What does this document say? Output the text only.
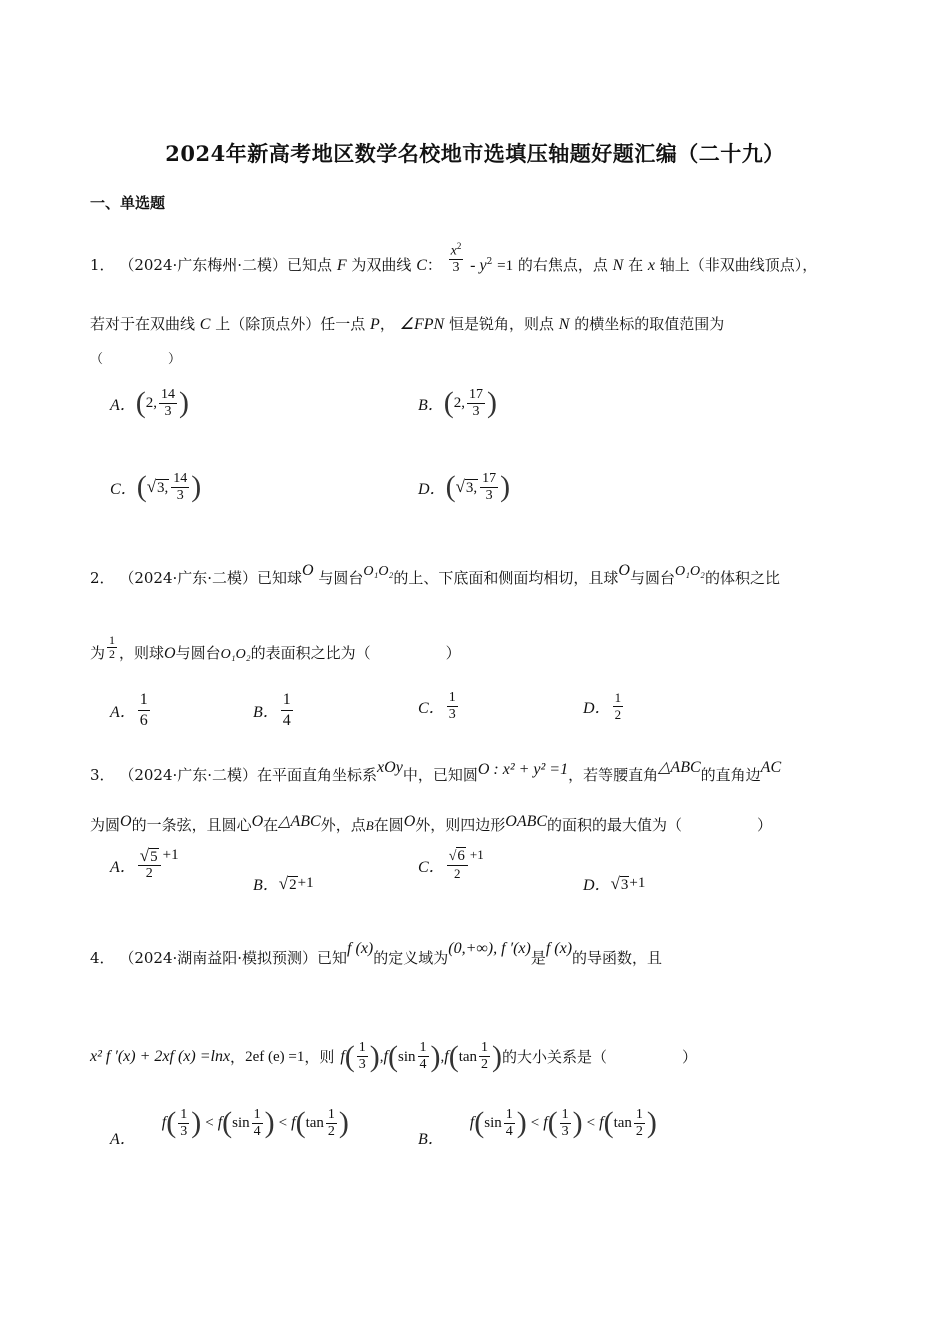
2024年新高考地区数学名校地市选填压轴题好题汇编（二十九）
一、单选题
1． （2024·广东梅州·二模）已知点 F 为双曲线 C： $\frac{x^2}{3} - y^2 =1$ 的右焦点，点 N 在 x 轴上（非双曲线顶点），
若对于在双曲线 C 上（除顶点外）任一点 P， ∠FPN 恒是锐角，则点 N 的横坐标的取值范围为
（　　　　　）
A． ( 2, $\frac{14}{3}$ )	B． ( 2, $\frac{17}{3}$ )
C． ( √3, $\frac{14}{3}$ )	D． ( √3, $\frac{17}{3}$ )
2． （2024·广东·二模）已知球O 与圆台O₁O₂的上、下底面和侧面均相切，且球O与圆台O₁O₂的体积之比
为 $\frac{1}{2}$ ，则球O与圆台O₁O₂的表面积之比为（　　　　　）
A． $\frac{1}{6}$	B． $\frac{1}{4}$	C． $\frac{1}{3}$	D． $\frac{1}{2}$
3． （2024·广东·二模）在平面直角坐标系xOy中，已知圆O : x² + y² =1，若等腰直角△ABC的直角边AC
为圆O的一条弦，且圆心O在△ABC外，点B在圆O外，则四边形OABC的面积的最大值为（　　　　　）
A． $\frac{√5}{2} +1$
B． √2 +1
C． $\frac{√6}{2} +1$
D． √3 +1
4． （2024·湖南益阳·模拟预测）已知f (x)的定义域为(0,+∞), f ′(x)是f (x)的导函数，且
x² f ′(x) + 2xf (x) =lnx ， 2ef (e) =1 ，则 f ( $\frac{1}{3}$ ) , f ( $\sin \frac{1}{4}$ ) , f ( $\tan \frac{1}{2}$ ) 的大小关系是（　　　　　）
A．
f ( $\frac{1}{3}$ ) < f ( $\sin \frac{1}{4}$ ) < f ( $\tan \frac{1}{2}$ )	B．
f ( $\sin \frac{1}{4}$ ) < f ( $\frac{1}{3}$ ) < f ( $\tan \frac{1}{2}$ )
